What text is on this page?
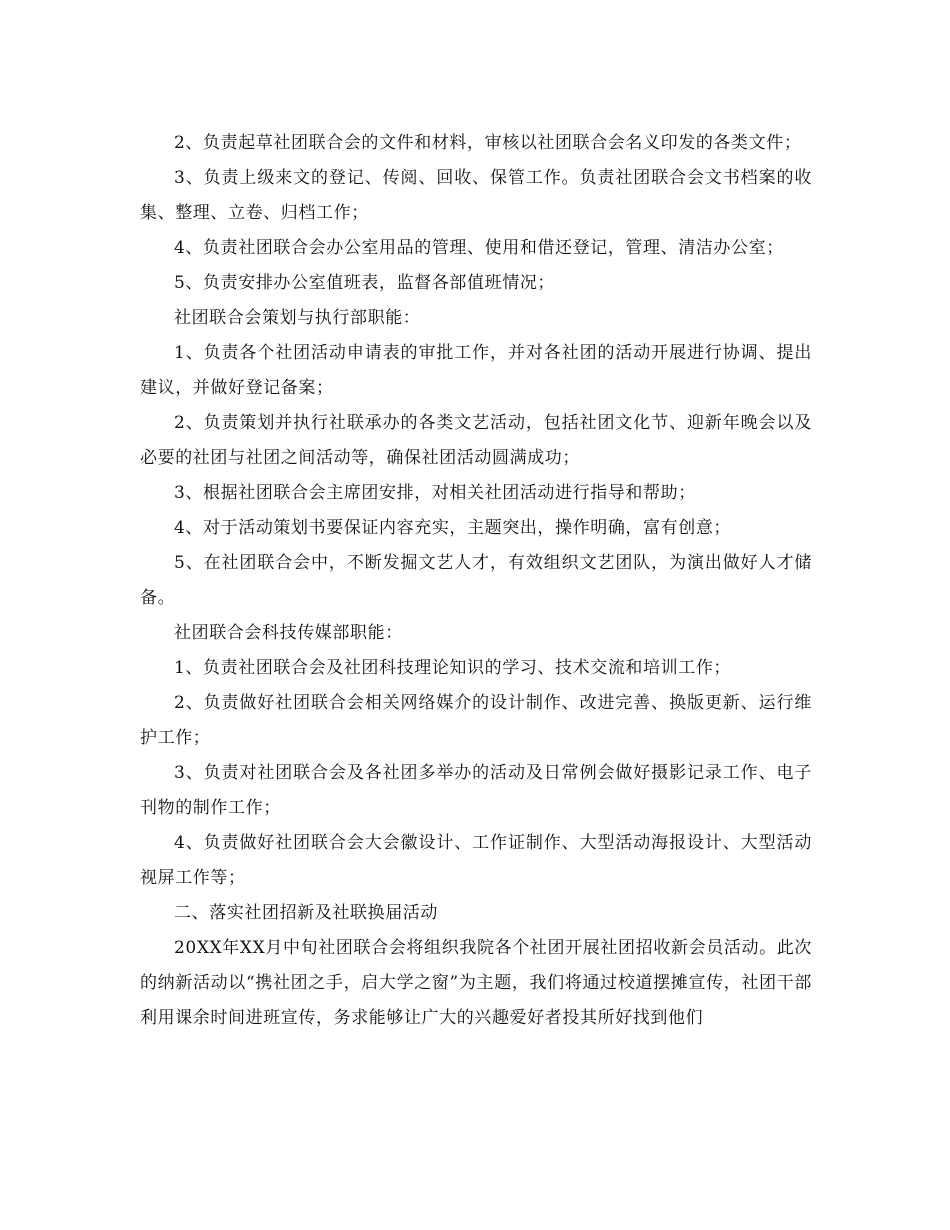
2、负责起草社团联合会的文件和材料，审核以社团联合会名义印发的各类文件；

3、负责上级来文的登记、传阅、回收、保管工作。负责社团联合会文书档案的收集、整理、立卷、归档工作；

4、负责社团联合会办公室用品的管理、使用和借还登记，管理、清洁办公室；

5、负责安排办公室值班表，监督各部值班情况；

社团联合会策划与执行部职能：

1、负责各个社团活动申请表的审批工作，并对各社团的活动开展进行协调、提出建议，并做好登记备案；

2、负责策划并执行社联承办的各类文艺活动，包括社团文化节、迎新年晚会以及必要的社团与社团之间活动等，确保社团活动圆满成功；

3、根据社团联合会主席团安排，对相关社团活动进行指导和帮助；

4、对于活动策划书要保证内容充实，主题突出，操作明确，富有创意；

5、在社团联合会中，不断发掘文艺人才，有效组织文艺团队，为演出做好人才储备。

社团联合会科技传媒部职能：

1、负责社团联合会及社团科技理论知识的学习、技术交流和培训工作；

2、负责做好社团联合会相关网络媒介的设计制作、改进完善、换版更新、运行维护工作；

3、负责对社团联合会及各社团多举办的活动及日常例会做好摄影记录工作、电子刊物的制作工作；

4、负责做好社团联合会大会徽设计、工作证制作、大型活动海报设计、大型活动视屏工作等；

二、落实社团招新及社联换届活动

20XX年XX月中旬社团联合会将组织我院各个社团开展社团招收新会员活动。此次的纳新活动以“携社团之手，启大学之窗”为主题，我们将通过校道摆摊宣传，社团干部利用课余时间进班宣传，务求能够让广大的兴趣爱好者投其所好找到他们
